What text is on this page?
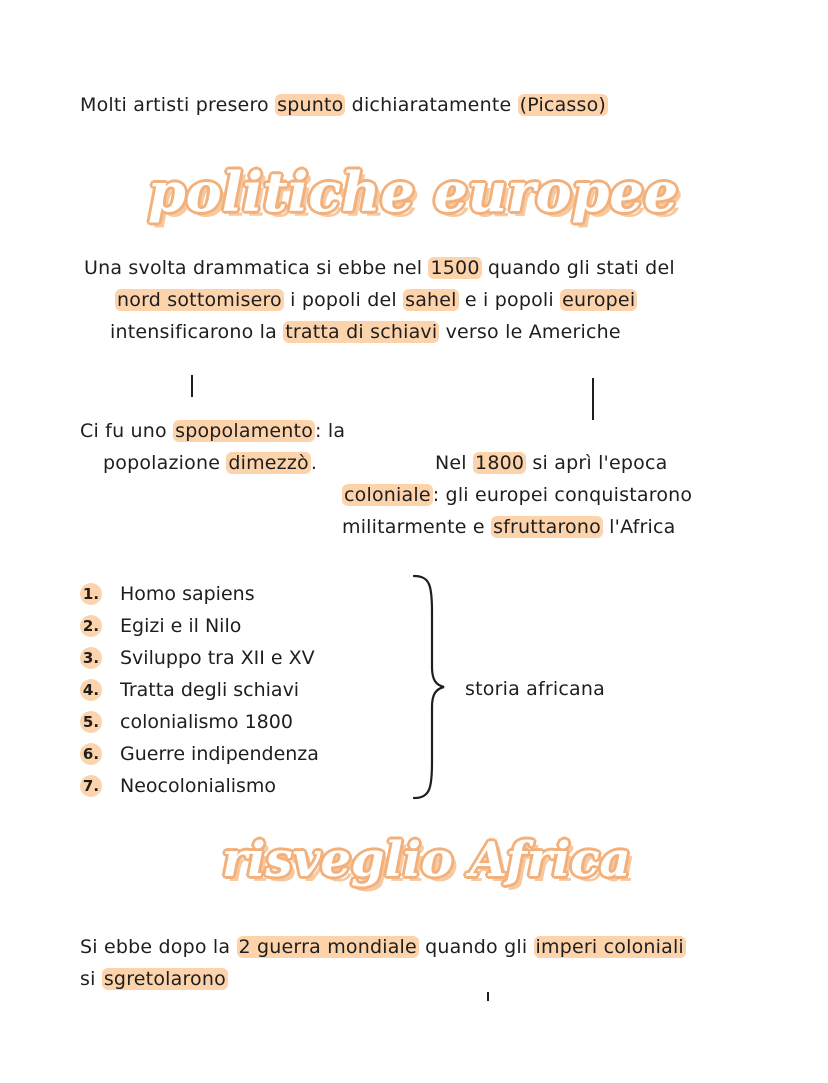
Molti artisti presero spunto dichiaratamente (Picasso)
politiche europee
Una svolta drammatica si ebbe nel 1500 quando gli stati del
nord sottomisero i popoli del sahel e i popoli europei
intensificarono la tratta di schiavi verso le Americhe
Ci fu uno spopolamento : la
popolazione dimezzò .	Nel 1800 si aprì l'epoca
coloniale : gli europei conquistarono
militarmente e sfruttarono l'Africa
1. Homo sapiens
2. Egizi e il Nilo
3. Sviluppo tra XII e XV
4. Tratta degli schiavi
5. colonialismo 1800
6. Guerre indipendenza
7. Neocolonialismo
storia africana
risveglio Africa
Si ebbe dopo la 2 guerra mondiale quando gli imperi coloniali
si sgretolarono
